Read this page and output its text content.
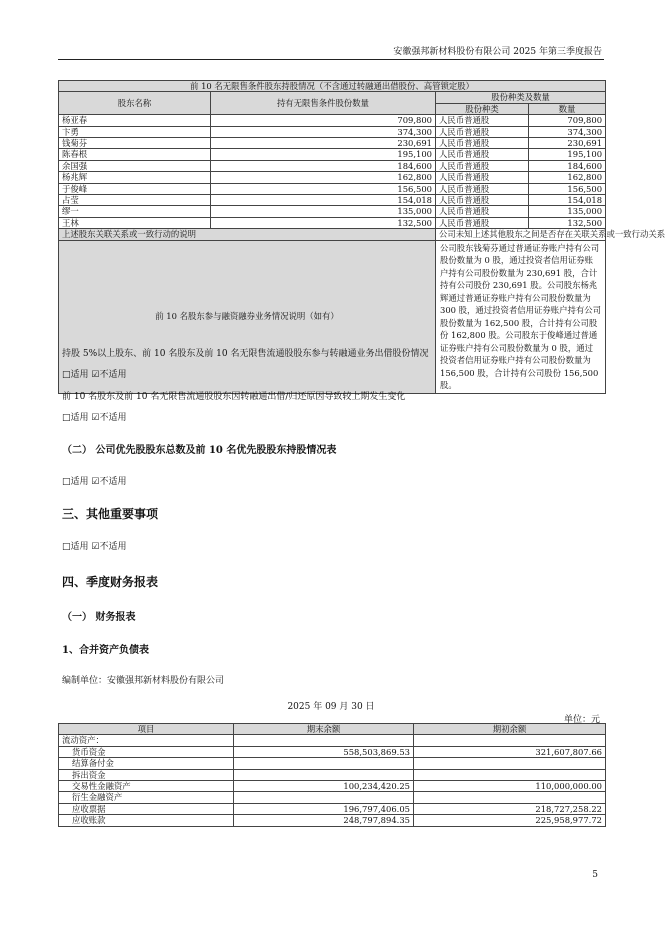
安徽强邦新材料股份有限公司 2025 年第三季度报告
前 10 名无限售条件股东持股情况（不含通过转融通出借股份、高管锁定股）			
股东名称	持有无限售条件股份数量	股份种类及数量	
		股份种类	数量
杨亚春	709,800	人民币普通股	709,800
卞勇	374,300	人民币普通股	374,300
钱菊芬	230,691	人民币普通股	230,691
陈春根	195,100	人民币普通股	195,100
余国强	184,600	人民币普通股	184,600
杨兆辉	162,800	人民币普通股	162,800
于俊峰	156,500	人民币普通股	156,500
占莹	154,018	人民币普通股	154,018
缪一	135,000	人民币普通股	135,000
王林	132,500	人民币普通股	132,500
上述股东关联关系或一致行动的说明		公司未知上述其他股东之间是否存在关联关系或一致行动关系	
前 10 名股东参与融资融券业务情况说明（如有）		公司股东钱菊芬通过普通证券账户持有公司股份数量为 0 股，通过投资者信用证券账户持有公司股份数量为 230,691 股，合计持有公司股份 230,691 股。公司股东杨兆辉通过普通证券账户持有公司股份数量为 300 股，通过投资者信用证券账户持有公司股份数量为 162,500 股，合计持有公司股份 162,800 股。公司股东于俊峰通过普通证券账户持有公司股份数量为 0 股，通过投资者信用证券账户持有公司股份数量为 156,500 股，合计持有公司股份 156,500 股。	
持股 5%以上股东、前 10 名股东及前 10 名无限售流通股股东参与转融通业务出借股份情况
□适用 ☑不适用
前 10 名股东及前 10 名无限售流通股股东因转融通出借/归还原因导致较上期发生变化
□适用 ☑不适用
（二） 公司优先股股东总数及前 10 名优先股股东持股情况表
□适用 ☑不适用
三、其他重要事项
□适用 ☑不适用
四、季度财务报表
（一） 财务报表
1、合并资产负债表
编制单位：安徽强邦新材料股份有限公司
2025 年 09 月 30 日
单位：元
项目	期末余额	期初余额
流动资产：		
货币资金	558,503,869.53	321,607,807.66
结算备付金		
拆出资金		
交易性金融资产	100,234,420.25	110,000,000.00
衍生金融资产		
应收票据	196,797,406.05	218,727,258.22
应收账款	248,797,894.35	225,958,977.72
5
